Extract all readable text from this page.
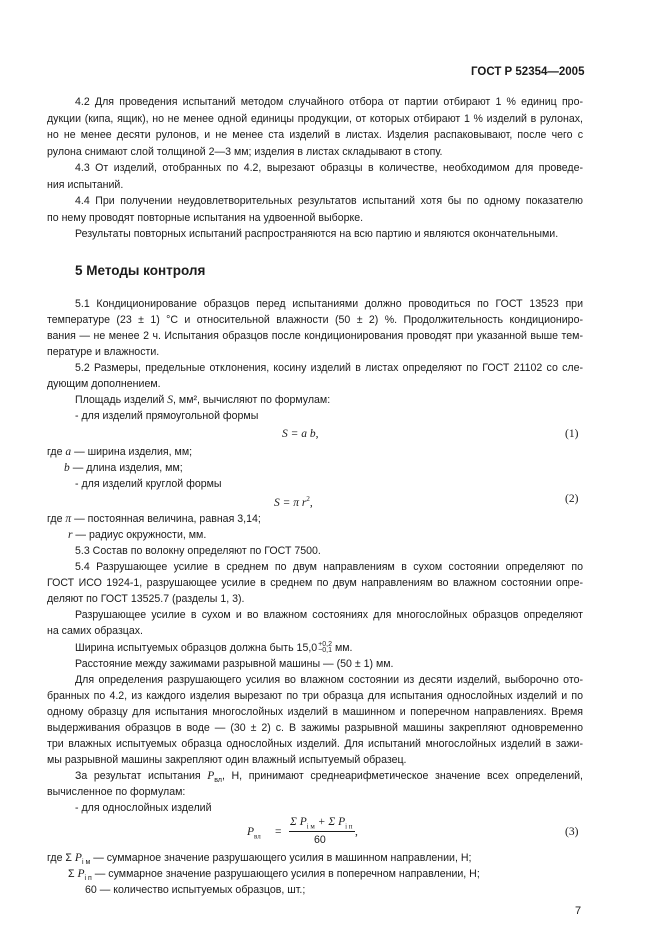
ГОСТ Р 52354—2005
4.2 Для проведения испытаний методом случайного отбора от партии отбирают 1 % единиц про-
дукции (кипа, ящик), но не менее одной единицы продукции, от которых отбирают 1 % изделий в рулонах,
но не менее десяти рулонов, и не менее ста изделий в листах. Изделия распаковывают, после чего с
рулона снимают слой толщиной 2—3 мм; изделия в листах складывают в стопу.
4.3 От изделий, отобранных по 4.2, вырезают образцы в количестве, необходимом для проведе-
ния испытаний.
4.4 При получении неудовлетворительных результатов испытаний хотя бы по одному показателю
по нему проводят повторные испытания на удвоенной выборке.
Результаты повторных испытаний распространяются на всю партию и являются окончательными.
5 Методы контроля
5.1 Кондиционирование образцов перед испытаниями должно проводиться по ГОСТ 13523 при
температуре (23 ± 1) °С и относительной влажности (50 ± 2) %. Продолжительность кондициониро-
вания — не менее 2 ч. Испытания образцов после кондиционирования проводят при указанной выше тем-
пературе и влажности.
5.2 Размеры, предельные отклонения, косину изделий в листах определяют по ГОСТ 21102 со сле-
дующим дополнением.
Площадь изделий S, мм², вычисляют по формулам:
- для изделий прямоугольной формы
S = a b,	(1)
где a — ширина изделия, мм;
b — длина изделия, мм;
- для изделий круглой формы
S = π $r^2$,	(2)
где π — постоянная величина, равная 3,14;
r — радиус окружности, мм.
5.3 Состав по волокну определяют по ГОСТ 7500.
5.4 Разрушающее усилие в среднем по двум направлениям в сухом состоянии определяют по
ГОСТ ИСО 1924-1, разрушающее усилие в среднем по двум направлениям во влажном состоянии опре-
деляют по ГОСТ 13525.7 (разделы 1, 3).
Разрушающее усилие в сухом и во влажном состояниях для многослойных образцов определяют
на самих образцах.
Ширина испытуемых образцов должна быть 15,0 +0,2
−0,1 мм.
Расстояние между зажимами разрывной машины — (50 ± 1) мм.
Для определения разрушающего усилия во влажном состоянии из десяти изделий, выборочно ото-
бранных по 4.2, из каждого изделия вырезают по три образца для испытания однослойных изделий и по
одному образцу для испытания многослойных изделий в машинном и поперечном направлениях. Время
выдерживания образцов в воде — (30 ± 2) с. В зажимы разрывной машины закрепляют одновременно
три влажных испытуемых образца однослойных изделий. Для испытаний многослойных изделий в зажи-
мы разрывной машины закрепляют один влажный испытуемый образец.
За результат испытания $P_{вл}$, Н, принимают среднеарифметическое значение всех определений,
вычисленное по формулам:
- для однослойных изделий
$P_{вл}$ =
Σ $P_{i м} + \Sigma$ $P_{i п}$
60
,	(3)
где Σ $P_{i м}$ — суммарное значение разрушающего усилия в машинном направлении, Н;
Σ $P_{i п}$ — суммарное значение разрушающего усилия в поперечном направлении, Н;
60 — количество испытуемых образцов, шт.;
7
